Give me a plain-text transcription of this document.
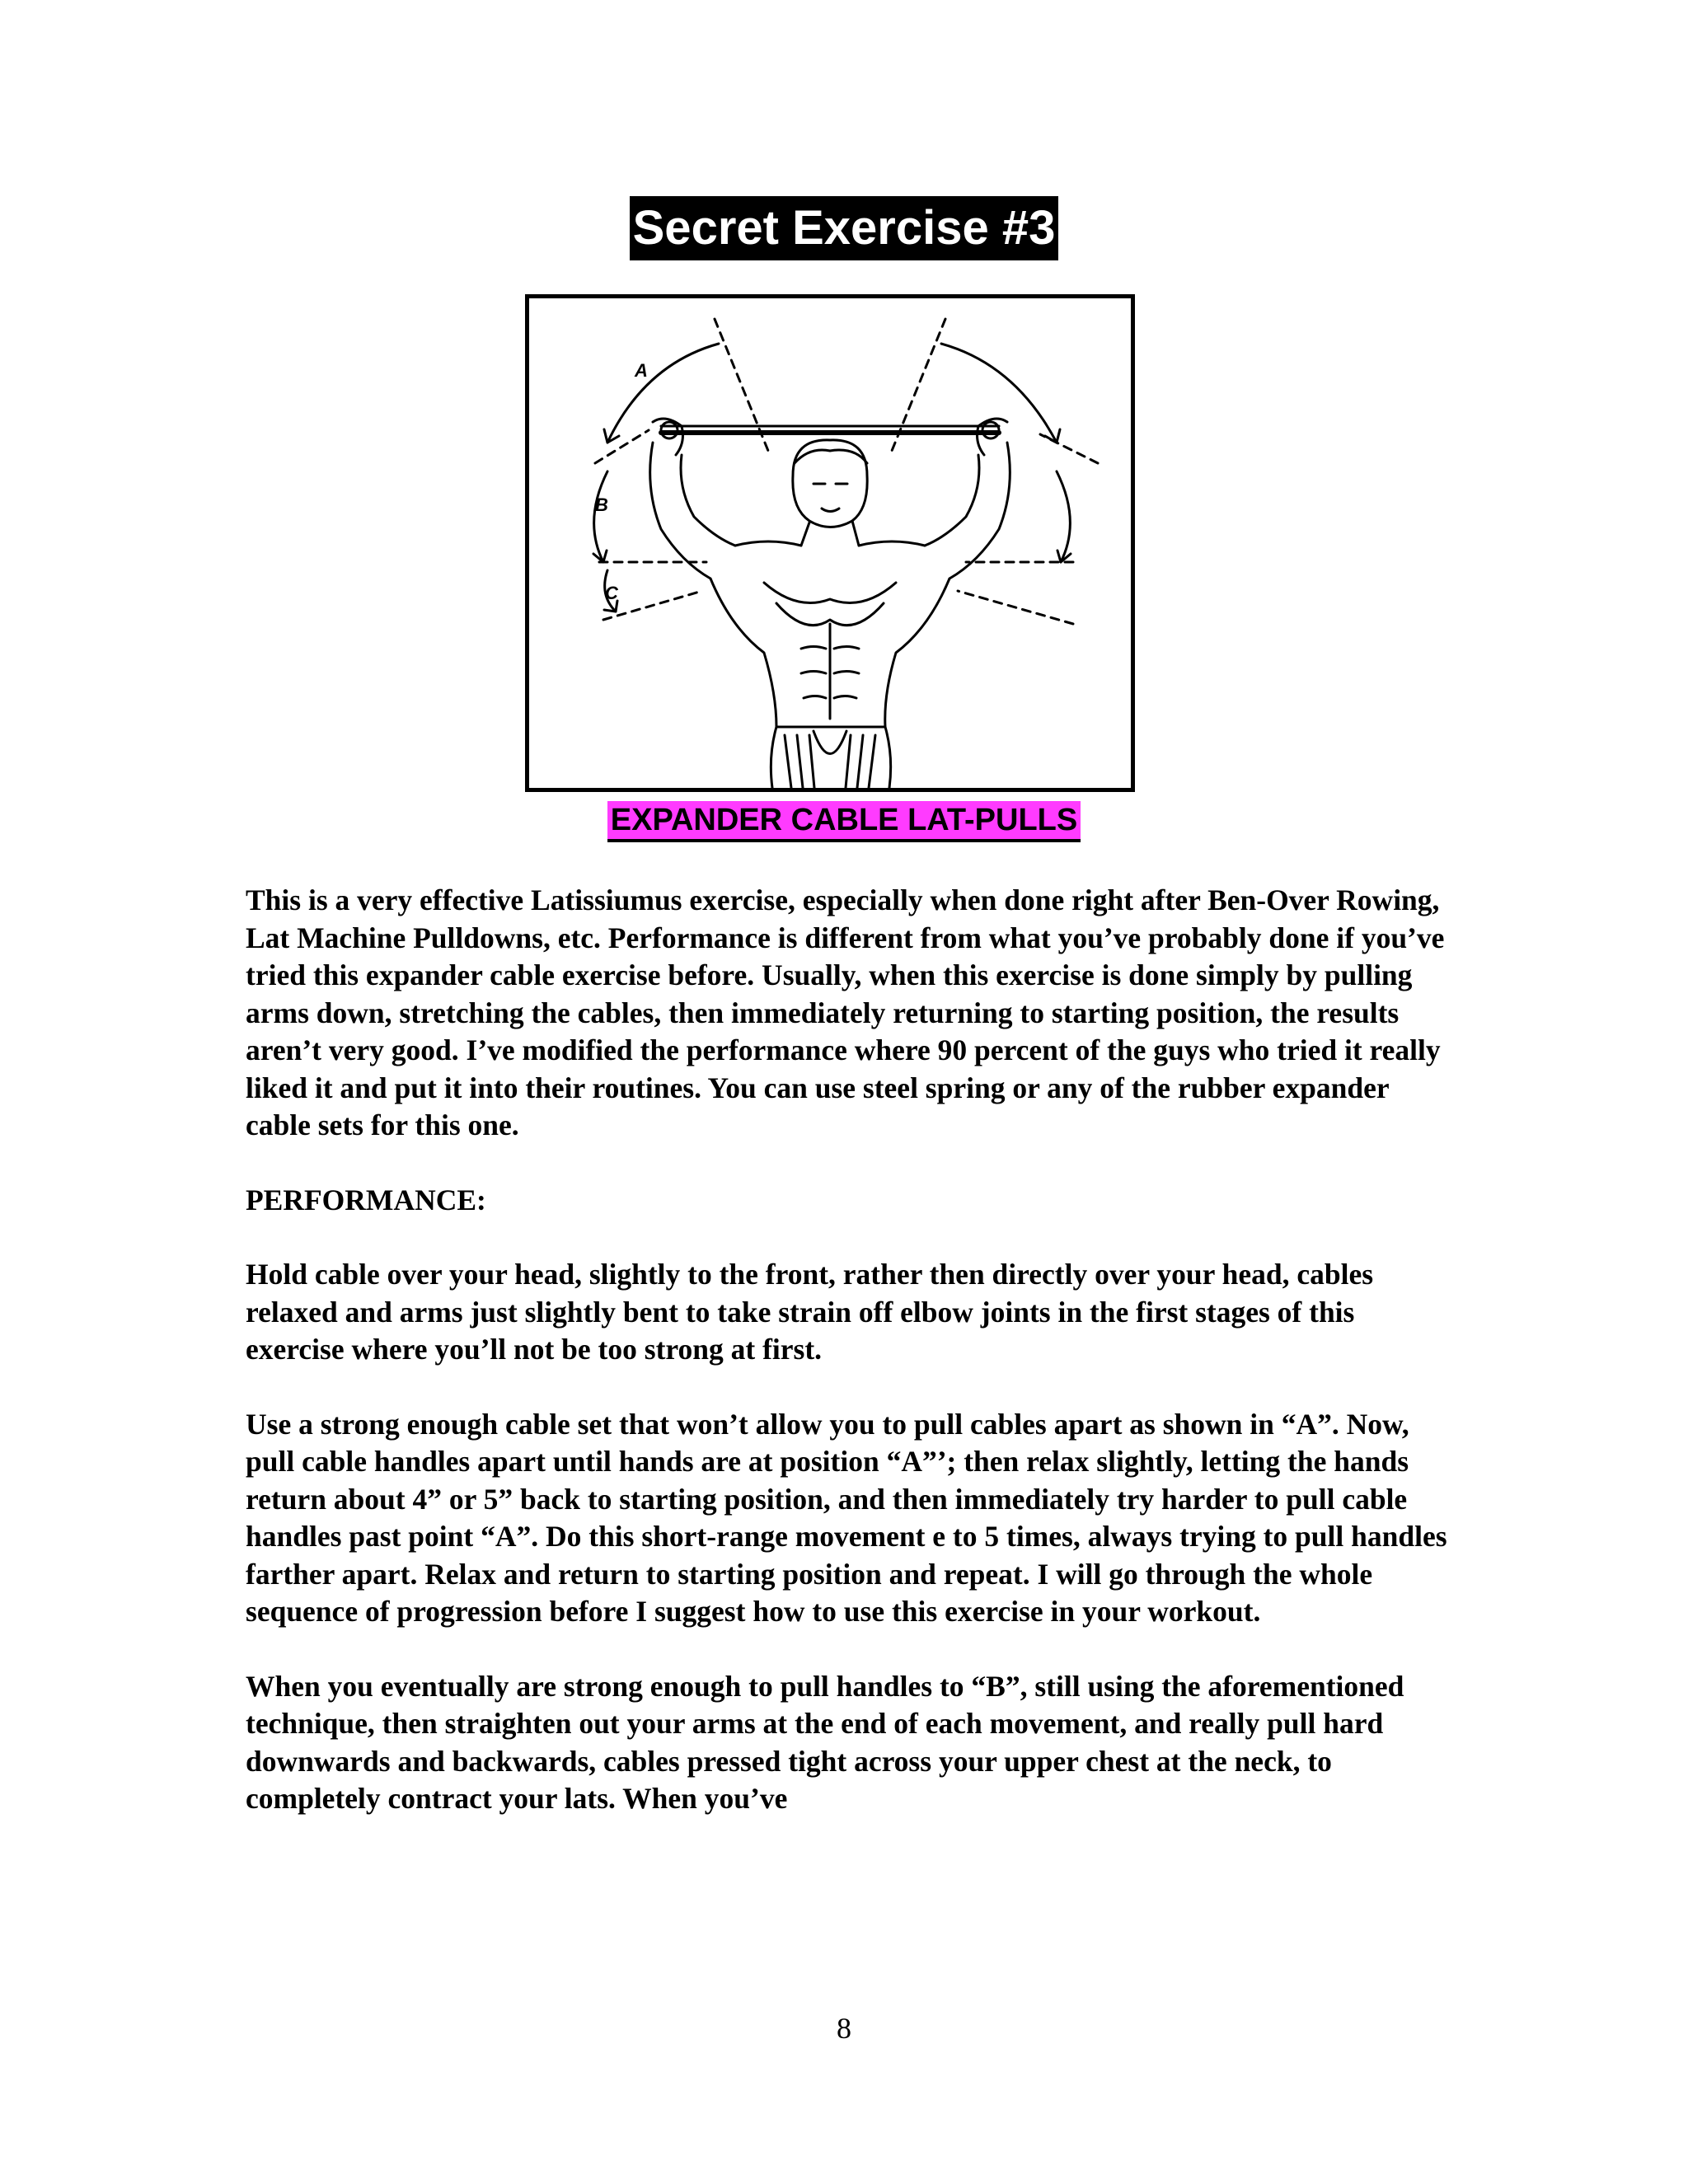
Secret Exercise #3
A
B
C
EXPANDER CABLE LAT-PULLS

This is a very effective Latissiumus exercise, especially when done right after Ben-Over Rowing, Lat Machine Pulldowns, etc. Performance is different from what you’ve probably done if you’ve tried this expander cable exercise before. Usually, when this exercise is done simply by pulling arms down, stretching the cables, then immediately returning to starting position, the results aren’t very good. I’ve modified the performance where 90 percent of the guys who tried it really liked it and put it into their routines. You can use steel spring or any of the rubber expander cable sets for this one.

PERFORMANCE:

Hold cable over your head, slightly to the front, rather then directly over your head, cables relaxed and arms just slightly bent to take strain off elbow joints in the first stages of this exercise where you’ll not be too strong at first.

Use a strong enough cable set that won’t allow you to pull cables apart as shown in “A”. Now, pull cable handles apart until hands are at position “A”’; then relax slightly, letting the hands return about 4” or 5” back to starting position, and then immediately try harder to pull cable handles past point “A”. Do this short-range movement e to 5 times, always trying to pull handles farther apart. Relax and return to starting position and repeat. I will go through the whole sequence of progression before I suggest how to use this exercise in your workout.

When you eventually are strong enough to pull handles to “B”, still using the aforementioned technique, then straighten out your arms at the end of each movement, and really pull hard downwards and backwards, cables pressed tight across your upper chest at the neck, to completely contract your lats. When you’ve

8
